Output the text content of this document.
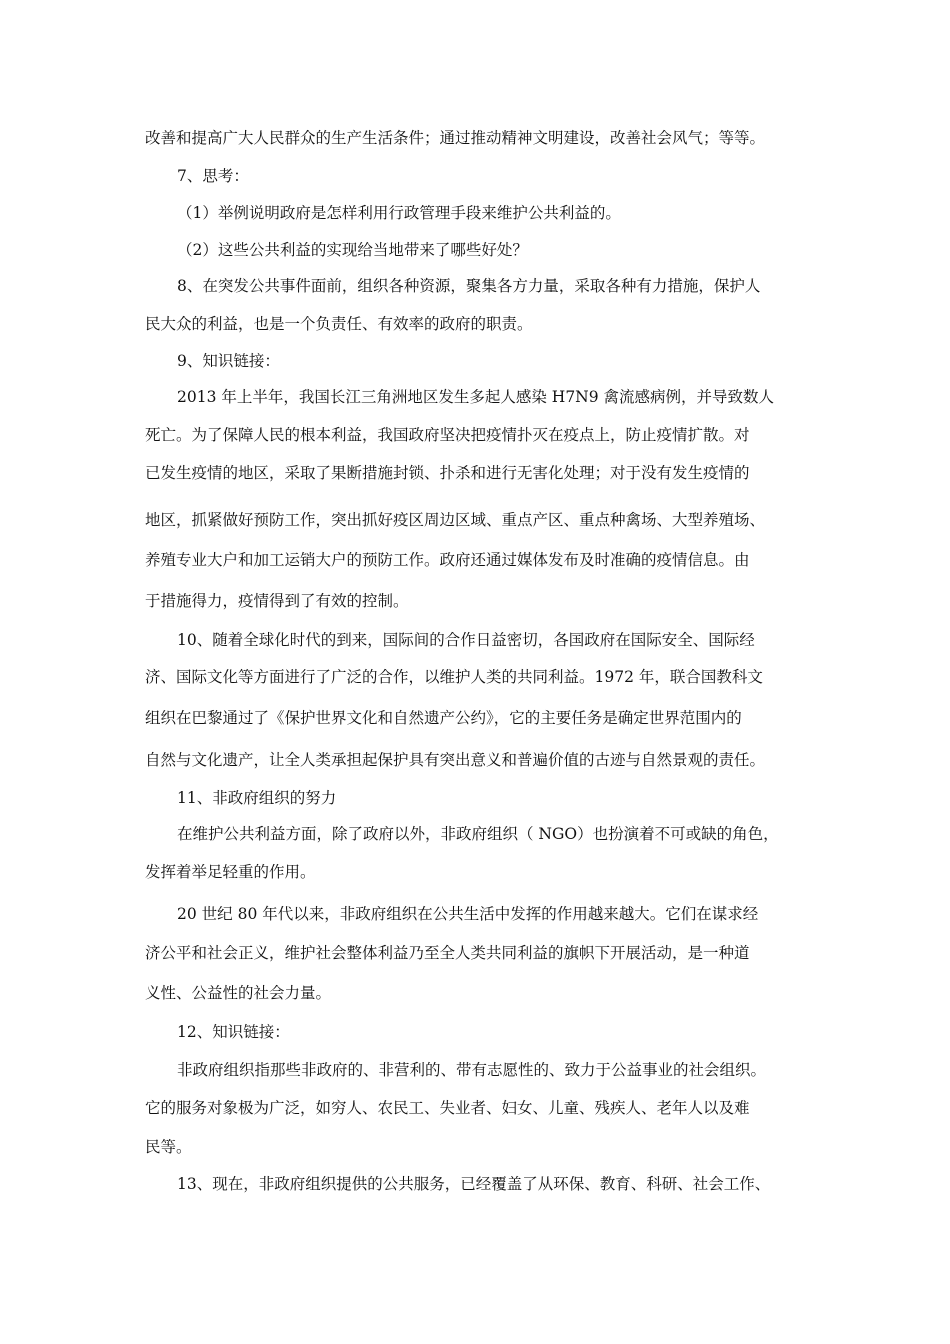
改善和提高广大人民群众的生产生活条件；通过推动精神文明建设，改善社会风气；等等。
7、思考：
（1）举例说明政府是怎样利用行政管理手段来维护公共利益的。
（2）这些公共利益的实现给当地带来了哪些好处？
8、在突发公共事件面前，组织各种资源，聚集各方力量，采取各种有力措施，保护人
民大众的利益，也是一个负责任、有效率的政府的职责。
9、知识链接：
2013 年上半年，我国长江三角洲地区发生多起人感染 H7N9 禽流感病例，并导致数人
死亡。为了保障人民的根本利益，我国政府坚决把疫情扑灭在疫点上，防止疫情扩散。对
已发生疫情的地区，采取了果断措施封锁、扑杀和进行无害化处理；对于没有发生疫情的
地区，抓紧做好预防工作，突出抓好疫区周边区域、重点产区、重点种禽场、大型养殖场、
养殖专业大户和加工运销大户的预防工作。政府还通过媒体发布及时准确的疫情信息。由
于措施得力，疫情得到了有效的控制。
10、随着全球化时代的到来，国际间的合作日益密切，各国政府在国际安全、国际经
济、国际文化等方面进行了广泛的合作，以维护人类的共同利益。1972 年，联合国教科文
组织在巴黎通过了《保护世界文化和自然遗产公约》，它的主要任务是确定世界范围内的
自然与文化遗产，让全人类承担起保护具有突出意义和普遍价值的古迹与自然景观的责任。
11、非政府组织的努力
在维护公共利益方面，除了政府以外，非政府组织（ NGO）也扮演着不可或缺的角色，
发挥着举足轻重的作用。
20 世纪 80 年代以来，非政府组织在公共生活中发挥的作用越来越大。它们在谋求经
济公平和社会正义，维护社会整体利益乃至全人类共同利益的旗帜下开展活动，是一种道
义性、公益性的社会力量。
12、知识链接：
非政府组织指那些非政府的、非营利的、带有志愿性的、致力于公益事业的社会组织。
它的服务对象极为广泛，如穷人、农民工、失业者、妇女、儿童、残疾人、老年人以及难
民等。
13、现在，非政府组织提供的公共服务，已经覆盖了从环保、教育、科研、社会工作、
